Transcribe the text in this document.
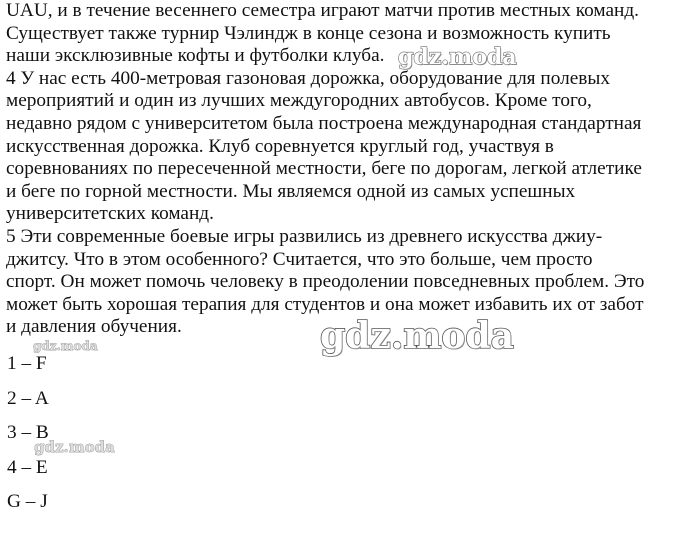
UAU, и в течение весеннего семестра играют матчи против местных команд.
Существует также турнир Чэлиндж в конце сезона и возможность купить
наши эксклюзивные кофты и футболки клуба.
4 У нас есть 400-метровая газоновая дорожка, оборудование для полевых
мероприятий и один из лучших междугородних автобусов. Кроме того,
недавно рядом с университетом была построена международная стандартная
искусственная дорожка. Клуб соревнуется круглый год, участвуя в
соревнованиях по пересеченной местности, беге по дорогам, легкой атлетике
и беге по горной местности. Мы являемся одной из самых успешных
университетских команд.
5 Эти современные боевые игры развились из древнего искусства джиу-
джитсу. Что в этом особенного? Считается, что это больше, чем просто
спорт. Он может помочь человеку в преодолении повседневных проблем. Это
может быть хорошая терапия для студентов и она может избавить их от забот
и давления обучения.
1 – F
2 – A
3 – B
4 – E
G – J
gdz.moda
gdz.moda
gdz.moda
gdz.moda
